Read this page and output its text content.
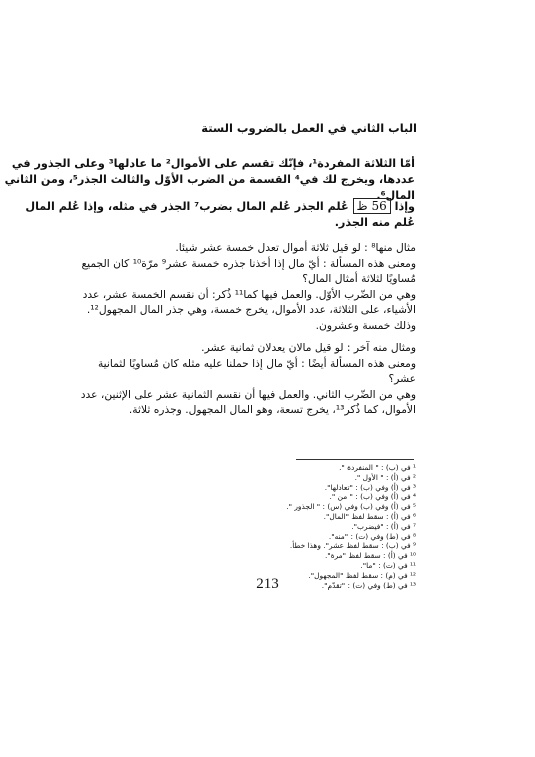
الباب الثاني في العمل بالضروب الستة
أمّا الثلاثة المفردة¹، فإنّك تقسم على الأموال² ما عادلها³ وعلى الجذور في
عددها، ويخرج لك في⁴ القسمة من الضرب الأوّل والثالث الجذر⁵، ومن الثاني
المال⁶.
وإذا 56 ظ عُلم الجذر عُلم المال بضرب⁷ الجذر في مثله، وإذا عُلم المال
عُلم منه الجذر.
مثال منها⁸ : لو قيل ثلاثة أموال تعدل خمسة عشر شيئا.
ومعنى هذه المسألة : أيّ مال إذا أخذنا جذره خمسة عشر⁹ مرّة¹⁰ كان الجميع
مُساويًا لثلاثة أمثال المال؟
وهي من الضّرب الأوّل. والعمل فيها كما¹¹ ذُكر: أن نقسم الخمسة عشر، عدد
الأشياء، على الثلاثة، عدد الأموال، يخرج خمسة، وهي جذر المال المجهول¹².
وذلك خمسة وعشرون.
ومثال منه آخر : لو قيل مالان يعدلان ثمانية عشر.
ومعنى هذه المسألة أيضًا : أيّ مال إذا حملنا عليه مثله كان مُساويًا لثمانية
عشر؟
وهي من الضّرب الثاني. والعمل فيها أن نقسم الثمانية عشر على الإثنين، عدد
الأموال، كما ذُكر¹³، يخرج تسعة، وهو المال المجهول. وجذره ثلاثة.
¹ في (ب) : " المنفردة ".
² في (أ) : " الأول ".
³ في (أ) وفي (ب) : "تعادلها".
⁴ في (أ) وفي (ب) : " من ".
⁵ في (أ) وفي (ب) وفي (س) : " الجذور ".
⁶ في (أ) : سقط لفظ "المال".
⁷ في (أ) : "فيضرب".
⁸ في (ط) وفي (ت) : "منه".
⁹ في (ب) : سقط لفظ عشر". وهذا خطأ.
¹⁰ في (أ) : سقط لفظ "مرة".
¹¹ في (ت) : "ما".
¹² في (م) : سقط لفظ "المجهول".
¹³ في (ط) وفي (ت) : "تقدّم".
213
